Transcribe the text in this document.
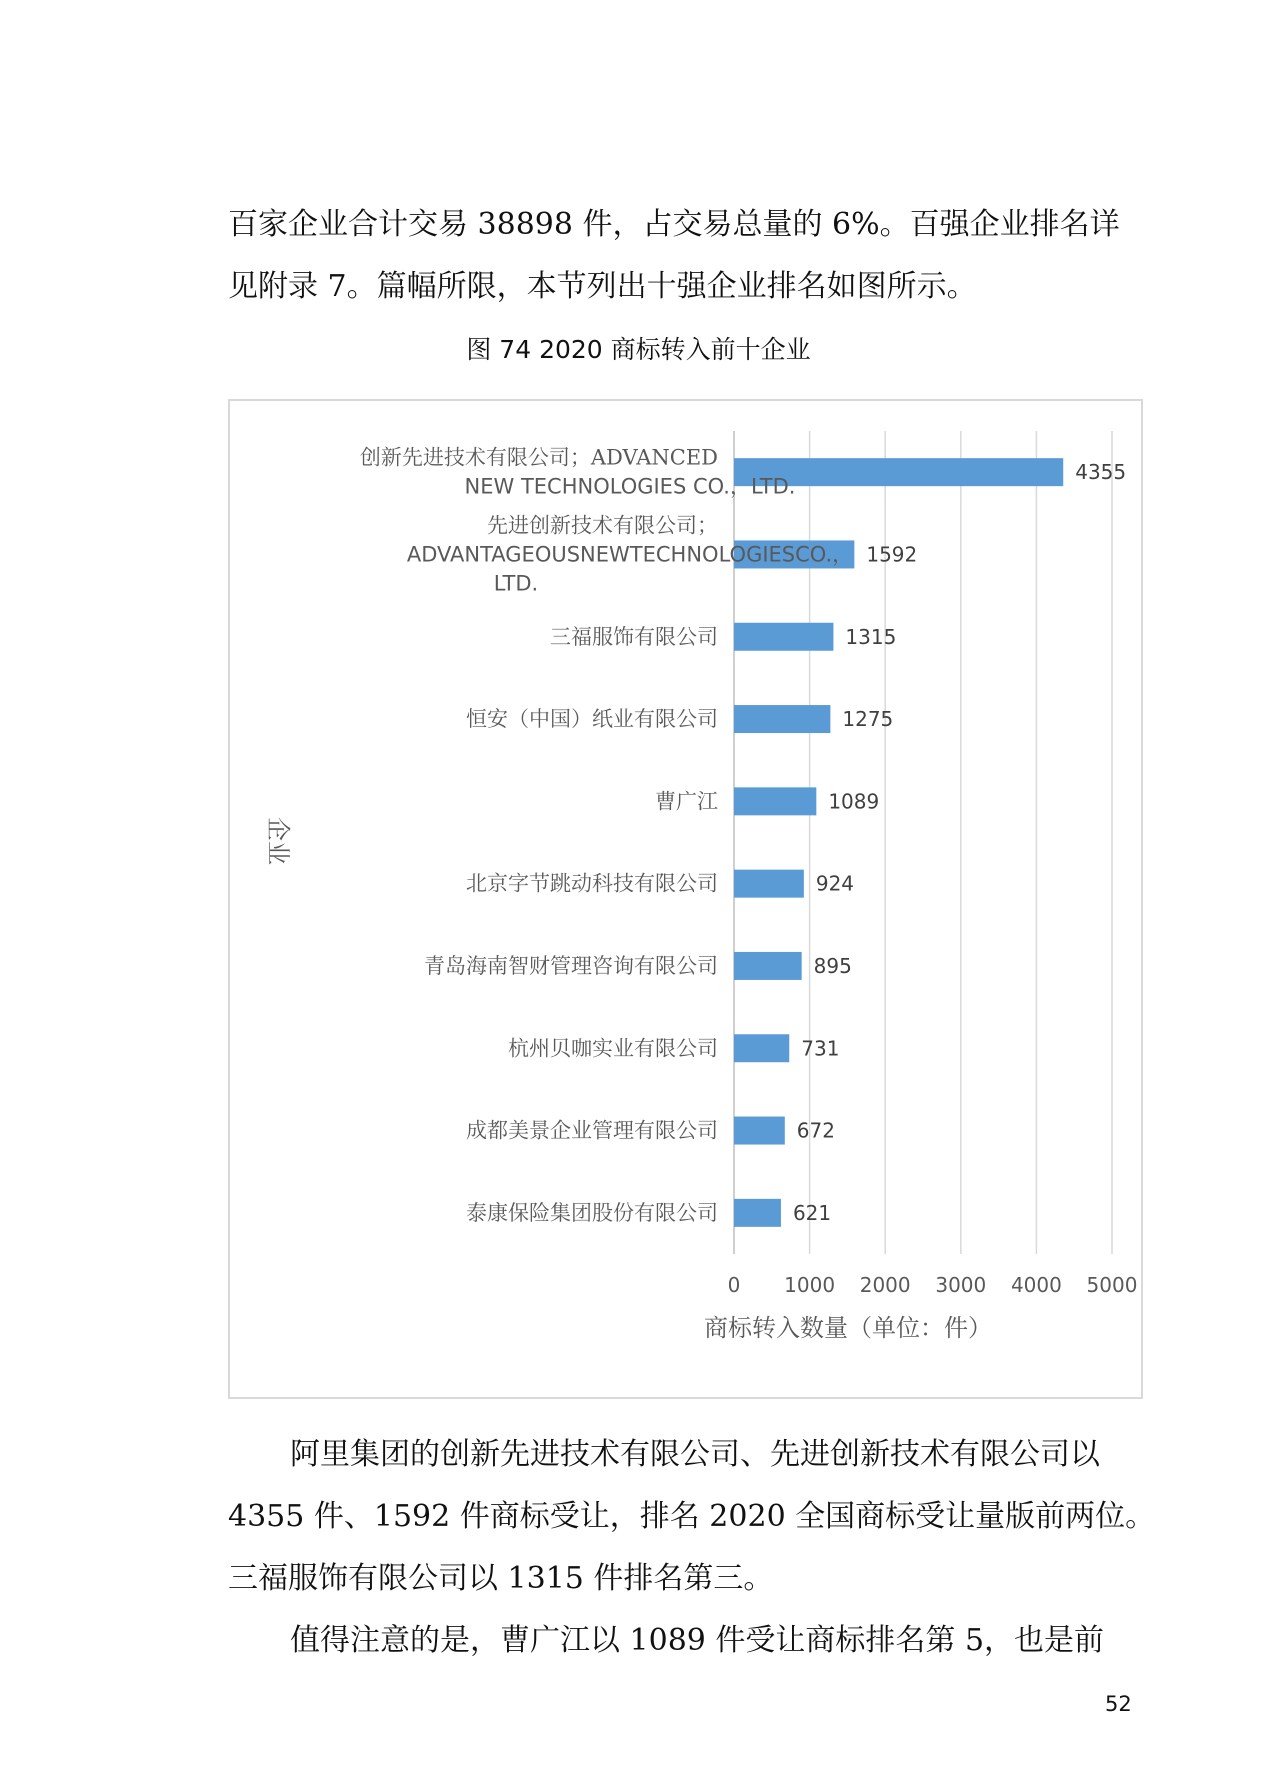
百家企业合计交易 38898 件，占交易总量的 6%。百强企业排名详

见附录 7。篇幅所限，本节列出十强企业排名如图所示。

图 74 2020 商标转入前十企业
0 1000 2000 3000 4000 5000
4355
创新先进技术有限公司；ADVANCED
NEW TECHNOLOGIES CO.，LTD.
1592
先进创新技术有限公司；
ADVANTAGEOUSNEWTECHNOLOGIESCO.，
LTD.
1315
三福服饰有限公司
1275
恒安（中国）纸业有限公司
1089
曹广江
924
北京字节跳动科技有限公司
895
青岛海南智财管理咨询有限公司
731
杭州贝咖实业有限公司
672
成都美景企业管理有限公司
621
泰康保险集团股份有限公司
商标转入数量（单位：件）
企业

阿里集团的创新先进技术有限公司、先进创新技术有限公司以

4355 件、1592 件商标受让，排名 2020 全国商标受让量版前两位。

三福服饰有限公司以 1315 件排名第三。

值得注意的是，曹广江以 1089 件受让商标排名第 5，也是前

52
